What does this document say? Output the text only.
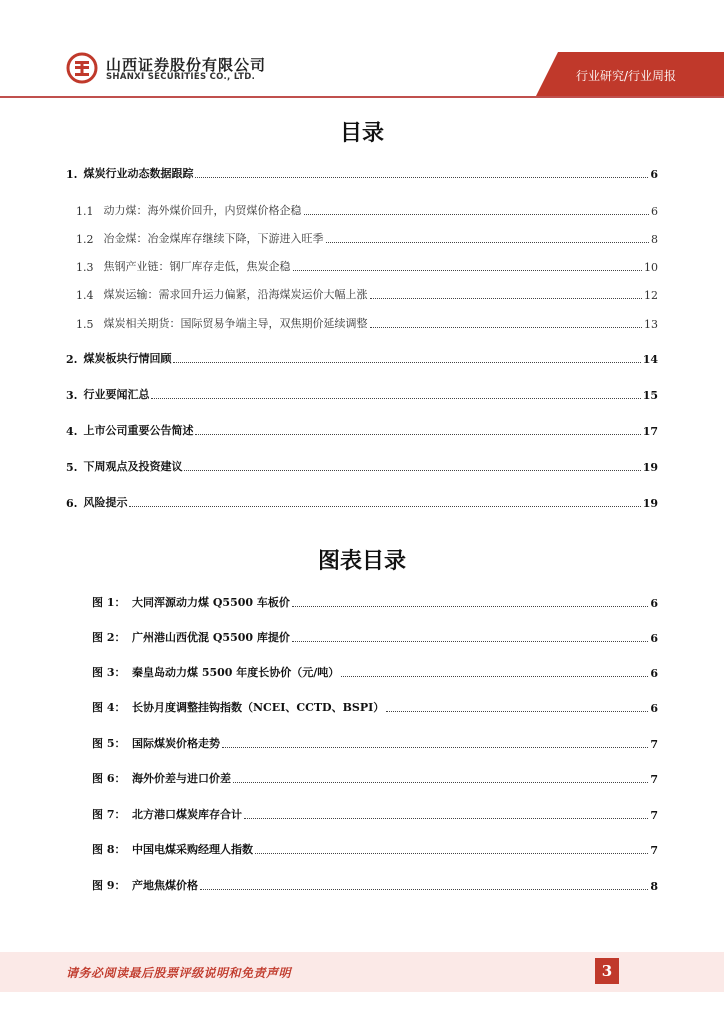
山西证券股份有限公司
SHANXI SECURITIES CO., LTD.	行业研究/行业周报
目录
1. 煤炭行业动态数据跟踪	6
1.1 动力煤：海外煤价回升，内贸煤价格企稳	6
1.2 冶金煤：冶金煤库存继续下降，下游进入旺季	8
1.3 焦钢产业链：钢厂库存走低，焦炭企稳	10
1.4 煤炭运输：需求回升运力偏紧，沿海煤炭运价大幅上涨	12
1.5 煤炭相关期货：国际贸易争端主导，双焦期价延续调整	13
2. 煤炭板块行情回顾	14
3. 行业要闻汇总	15
4. 上市公司重要公告简述	17
5. 下周观点及投资建议	19
6. 风险提示	19
图表目录
图 1： 大同浑源动力煤 Q5500 车板价	6
图 2： 广州港山西优混 Q5500 库提价	6
图 3： 秦皇岛动力煤 5500 年度长协价（元/吨）	6
图 4： 长协月度调整挂钩指数（NCEI、CCTD、BSPI）	6
图 5： 国际煤炭价格走势	7
图 6： 海外价差与进口价差	7
图 7： 北方港口煤炭库存合计	7
图 8： 中国电煤采购经理人指数	7
图 9： 产地焦煤价格	8
请务必阅读最后股票评级说明和免责声明	3
